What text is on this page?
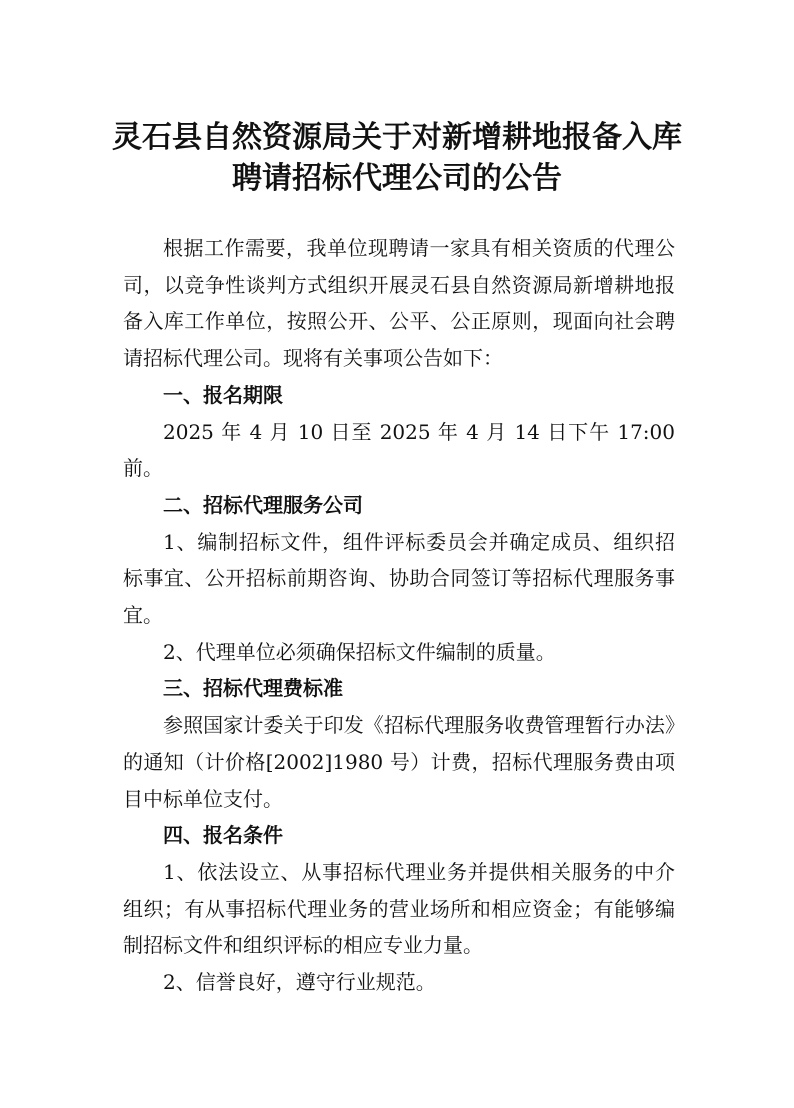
灵石县自然资源局关于对新增耕地报备入库
聘请招标代理公司的公告

根据工作需要，我单位现聘请一家具有相关资质的代理公司，以竞争性谈判方式组织开展灵石县自然资源局新增耕地报备入库工作单位，按照公开、公平、公正原则，现面向社会聘请招标代理公司。现将有关事项公告如下：

一、报名期限

2025 年 4 月 10 日至 2025 年 4 月 14 日下午 17:00 前。

二、招标代理服务公司

1、编制招标文件，组件评标委员会并确定成员、组织招标事宜、公开招标前期咨询、协助合同签订等招标代理服务事宜。

2、代理单位必须确保招标文件编制的质量。

三、招标代理费标准

参照国家计委关于印发《招标代理服务收费管理暂行办法》的通知（计价格[2002]1980 号）计费，招标代理服务费由项目中标单位支付。

四、报名条件

1、依法设立、从事招标代理业务并提供相关服务的中介组织；有从事招标代理业务的营业场所和相应资金；有能够编制招标文件和组织评标的相应专业力量。

2、信誉良好，遵守行业规范。
